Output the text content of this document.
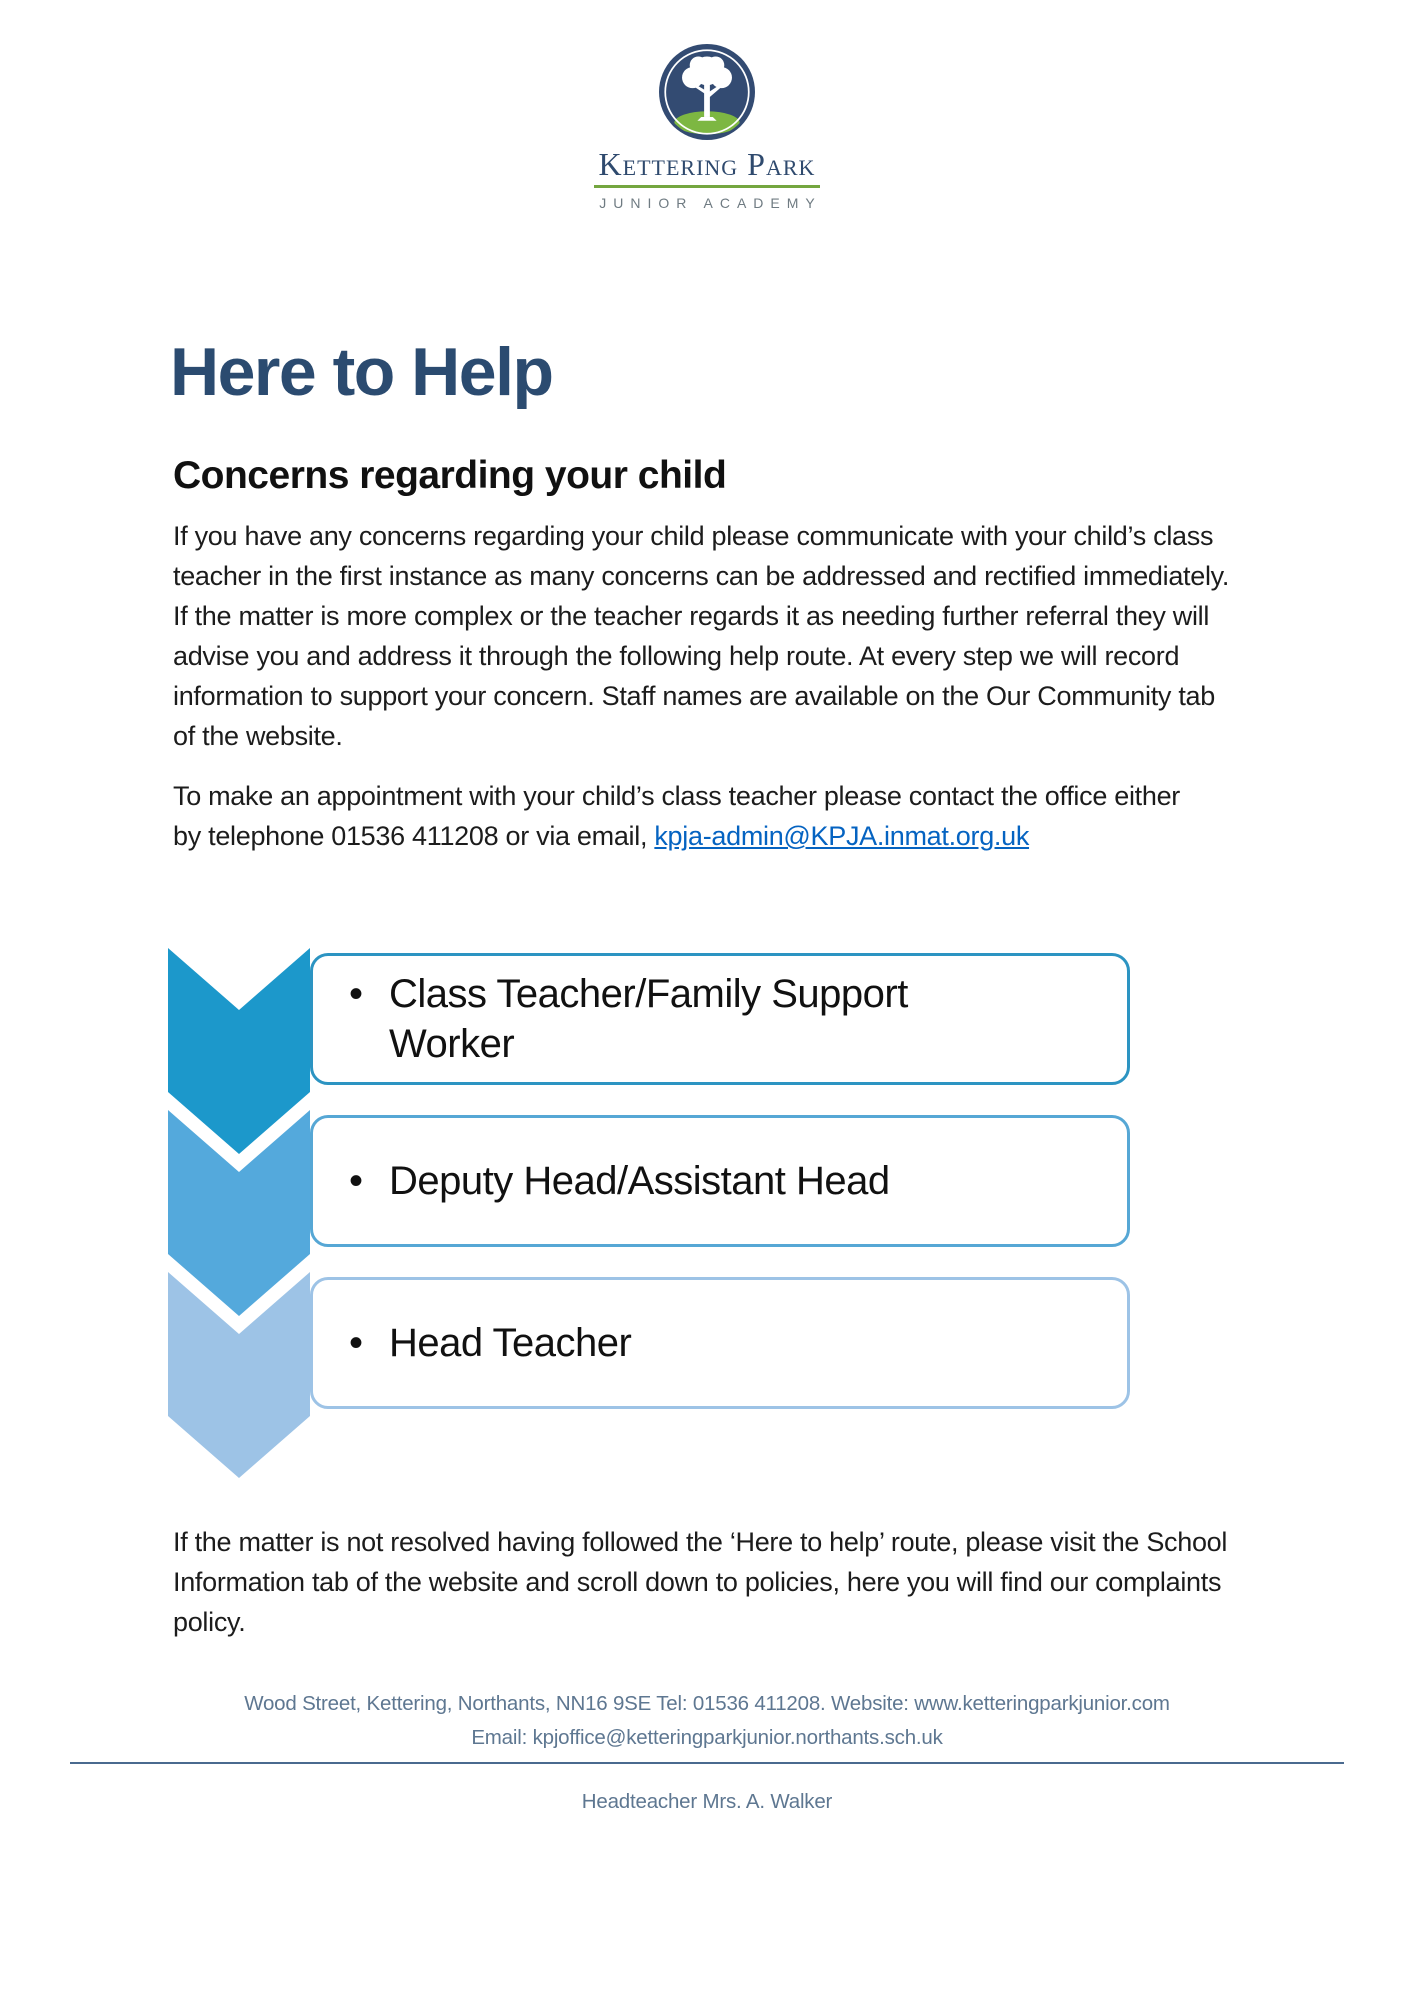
Kettering Park
JUNIOR ACADEMY
Here to Help
Concerns regarding your child
If you have any concerns regarding your child please communicate with your child’s class
teacher in the first instance as many concerns can be addressed and rectified immediately.
If the matter is more complex or the teacher regards it as needing further referral they will
advise you and address it through the following help route. At every step we will record
information to support your concern. Staff names are available on the Our Community tab
of the website.
To make an appointment with your child’s class teacher please contact the office either
by telephone 01536 411208 or via email, kpja-admin@KPJA.inmat.org.uk
• Class Teacher/Family Support Worker
• Deputy Head/Assistant Head
• Head Teacher
If the matter is not resolved having followed the ‘Here to help’ route, please visit the School
Information tab of the website and scroll down to policies, here you will find our complaints
policy.
Wood Street, Kettering, Northants, NN16 9SE Tel: 01536 411208. Website: www.ketteringparkjunior.com
Email: kpjoffice@ketteringparkjunior.northants.sch.uk
Headteacher Mrs. A. Walker
